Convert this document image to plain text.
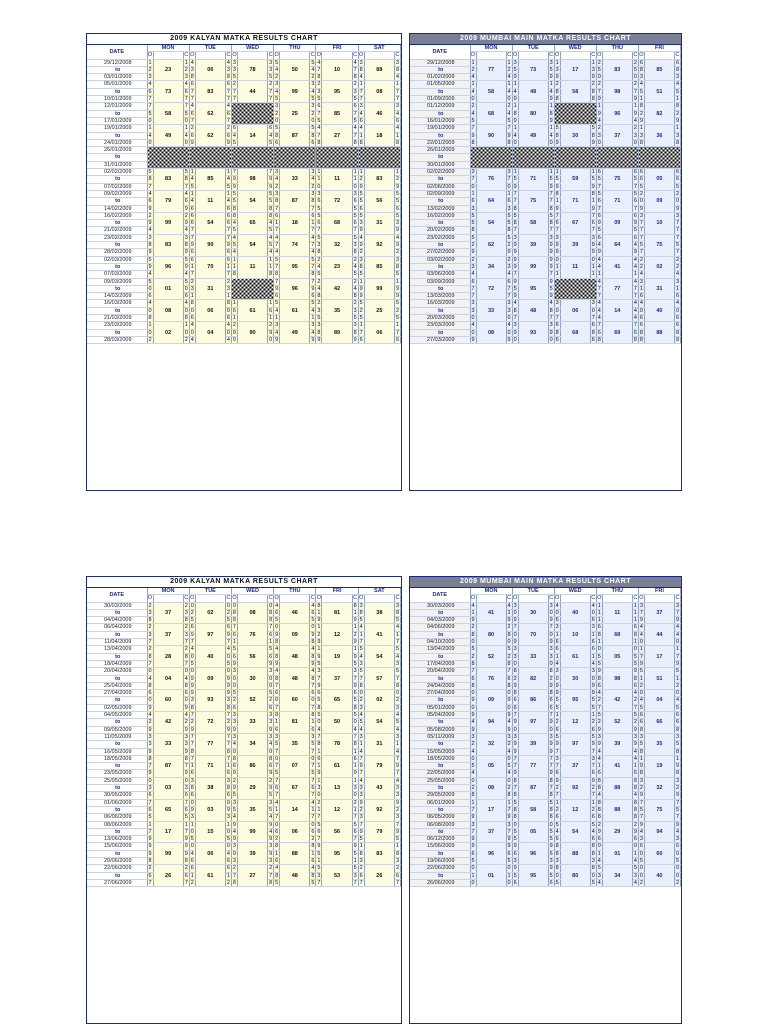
2009 KALYAN MATKA RESULTS CHART
DATE	MON			TUE			WED			THU			FRI			SAT		
	O		C	O		C	O		C	O		C	O		C	O		C
29/12/2008	1	23	1	4	06	4	3	78	3	5	50	5	4	10	4	3	88	3
to	2		2	3		3	3		3	4		4	7		7	8		8
03/01/2009	3		3	8		8	5		5	2		2	8		8	4		4
05/01/2009	4	73	4	6	83	6	2	44	2	3	99	3	2	95	2	1	08	1
to	6		6	7		7	7		7	4		4	3		3	7		7
10/01/2009	7		7	7		7	7		7	5		5	5		5	7		7
12/01/2009	7	58	7	4	62	4				3	25	3	6	85	6	3	46	3
to	5		5	6		6				2		2	7		7	4		4
17/01/2009	0		0	7		7				0		0	5		5	6		6
19/01/2009	1	49	1	2	62	2	6	14	6	5	87	5	4	27	4	4	18	4
to	4		4	6		6	4		4	8		8	7		7	1		1
24/01/2009	0		0	9		9	5		5	6		6	8		8	8		8
26/01/2009																		
to																		
31/01/2009																		
02/02/2009	5	83	5	1	85	1	7	98	7	3	33	3	1	11	1	1	83	1
to	8		8	4		4	9		9	4		4	1		1	2		2
07/02/2009	7		7	5		5	9		9	2		2	0		0	9		9
09/02/2009	4	79	4	1	11	1	5	54	5	3	87	3	3	72	3	5	56	5
to	6		6	4		4	5		5	8		8	6		6	5		5
14/02/2009	9		9	6		6	8		8	7		7	5		5	6		6
16/02/2009	2	99	2	6	54	6	8	65	8	6	18	6	5	68	5	5	31	5
to	9		9	6		6	4		4	1		1	6		6	3		3
21/02/2009	4		4	7		7	5		5	7		7	7		7	9		9
23/02/2009	3	83	3	7	90	7	4	54	4	4	74	4	5	32	5	4	92	4
to	8		8	9		9	5		5	7		7	3		3	9		9
28/02/2009	9		9	6		6	4		4	4		4	8		8	2		2
02/03/2009	5	96	5	6	70	6	1	11	1	5	95	5	2	23	2	3	85	3
to	9		9	1		1	1		1	7		7	4		4	8		8
07/03/2009	4		4	7		7	8		8	8		8	5		5	5		5
09/03/2009	5	01	5	2	31	2				7	96	7	2	42	2	1	99	1
to	0		0	3		3				9		9	4		4	9		9
14/03/2009	6		6	1		1				6		6	8		8	9		9
16/03/2009	4	08	4	8	06	8	1	61	1	5	61	5	2	35	2	5	25	5
to	0		0	0		0	6		6	4		4	3		3	2		2
21/03/2009	8		8	6		6	1		1	1		1	5		5	5		5
23/03/2009	1	02	1	4	04	4	2	90	2	3	49	3	3	89	3	1	06	1
to	0		0	0		0	9		9	4		4	8		8	7		7
28/03/2009	2		2	4		4	0		0	9		9	9		9	6		6
2009 MUMBAI MAIN MATKA RESULTS CHART
DATE	MON			TUE			WED			THU			FRI		
	O		C	O		C	O		C	O		C	O		C
29/12/2008	1	77	1	3	73	3	1	17	1	2	83	2	6	85	6
to	2		2	5		5	3		3	5		5	8		8
01/02/2009	4		4	9		9	9		9	0		0	3		3
01/05/2009	1	58	1	1	48	1	2	58	2	2	98	2	4	51	4
to	4		4	4		4	8		8	7		7	5		5
01/09/2009	0		0	9		9	8		8	9		9	1		1
01/12/2009	2	68	2	1	80	1				1	96	1	8	82	8
to	4		4	8		8				9		9	2		2
16/01/2009	5		5	9		9				4		4	9		9
19/01/2009	7	90	7	1	49	1	5	30	5	2	37	2	1	36	1
to	9		9	4		4	8		8	3		3	3		3
22/01/2009	8		8	0		0	9		9	0		0	8		8
26/01/2009															
to															
30/01/2009															
02/02/2009	3	76	3	1	71	1	1	59	1	6	75	6	6	05	6
to	7		7	5		5	5		5	5		5	6		6
02/06/2009	0		0	9		9	9		9	7		7	5		5
02/09/2009	1	64	1	7	75	7	8	71	8	5	71	5	2	09	2
to	6		6	7		7	1		1	6		6	0		0
13/02/2009	3		3	8		8	9		9	7		7	9		9
16/02/2009	5	54	5	5	58	5	7	67	7	6	09	6	3	10	3
to	5		5	8		8	6		6	9		9	7		7
20/02/2009	8		8	7		7	7		7	5		5	7		7
23/02/2009	5	62	5	3	39	3	3	39	3	6	64	6	7	75	7
to	2		2	9		9	9		9	4		4	5		5
27/02/2009	9		9	9		9	9		9	9		9	7		7
03/02/2009	2	34	2	9	99	9	0	11	0	4	41	4	2	02	2
to	3		3	9		9	1		1	4		4	2		2
03/06/2009	4		4	7		7	1		1	1		1	4		4
03/09/2009	6	72	6	9	95	9				4	77	4	3	31	3
to	7		7	5		5				7		7	1		1
13/03/2009	7		7	9		9				7		7	6		6
16/03/2009	3	33	3	4	48	4	3	06	3	4	14	4	4	40	4
to	3		3	8		8	0		0	4		4	0		0
20/03/2009	0		0	7		7	7		7	4		4	6		6
23/03/2009	4	08	4	3	93	3	6	68	6	7	69	7	6	88	6
to	0		0	9		9	8		8	6		6	8		8
27/03/2009	9		9	0		0	6		6	8		8	8		8
2009 KALYAN MATKA RESULTS CHART
DATE	MON			TUE			WED			THU			FRI			SAT		
	O		C	O		C	O		C	O		C	O		C	O		C
30/03/2009	2	37	2	0	02	0	0	08	0	4	46	4	8	81	8	3	38	3
to	3		3	2		2	8		8	6		6	1		1	8		8
04/04/2009	8		8	5		5	8		8	5		5	9		9	5		5
06/04/2009	2	37	2	6	97	6	7	76	7	0	09	0	1	12	1	4	41	4
to	3		3	9		9	6		6	9		9	2		2	1		1
11/04/2009	7		7	7		7	1		1	8		8	9		9	7		7
13/04/2009	2	28	2	4	40	4	5	56	5	4	48	4	1	19	1	5	54	5
to	8		8	0		0	6		6	8		8	9		9	4		4
18/04/2009	7		7	5		5	9		9	9		9	5		5	3		3
20/04/2009	0	04	0	0	09	0	3	30	3	4	48	4	3	37	3	5	57	5
to	4		4	9		9	0		0	8		8	7		7	7		7
25/04/2009	8		8	9		9	0		0	7		7	9		9	8		8
27/04/2009	6	60	6	9	93	9	5	52	5	6	60	6	6	65	6	0	02	0
to	0		0	3		3	2		2	0		0	5		5	2		2
02/05/2009	9		9	8		8	6		6	7		7	8		8	3		3
04/05/2009	4	42	4	7	72	7	3	33	3	8	81	8	5	50	5	4	54	4
to	2		2	2		2	3		3	1		1	0		0	5		5
09/05/2009	9		9	9		9	9		9	6		6	4		4	4		4
11/05/2009	3	33	3	7	77	7	3	34	3	3	35	3	7	78	7	3	31	3
to	3		3	7		7	4		4	5		5	8		8	1		1
16/05/2009	9		9	8		8	0		0	7		7	1		1	4		4
18/05/2009	8	87	8	7	71	7	8	86	8	0	07	0	6	61	6	7	79	7
to	7		7	1		1	6		6	7		7	1		1	9		9
23/05/2009	9		9	6		6	9		9	5		5	9		9	7		7
25/05/2009	0	03	0	3	38	3	2	29	2	7	67	7	1	13	1	4	43	4
to	3		3	8		8	9		9	6		6	3		3	3		3
30/05/2009	6		6	6		6	5		5	7		7	0		0	3		3
01/06/2009	7	65	7	0	03	0	3	35	3	4	14	4	2	12	2	9	92	9
to	6		6	9		9	5		5	1		1	1		1	2		2
06/06/2009	5		5	3		3	4		4	7		7	7		7	3		3
08/06/2009	1	17	1	1	15	1	9	99	9	0	06	0	5	56	5	7	79	7
to	7		7	0		0	4		4	6		6	6		6	9		9
13/06/2009	9		9	5		5	9		9	2		2	7		7	5		5
15/06/2009	9	99	9	0	06	0	3	39	3	8	88	8	9	95	9	1	83	1
to	9		9	4		4	9		9	1		1	5		5	8		8
20/06/2009	8		8	6		6	3		3	6		6	1		1	3		3
22/06/2009	2	26	2	6	61	6	2	27	2	4	48	4	5	53	5	2	26	2
to	6		6	1		1	7		7	8		8	3		3	6		6
27/06/2009	7		7	2		2	8		8	5		5	7		7	7		7
2009 MUMBAI MAIN MATKA RESULTS CHART
DATE	MON			TUE			WED			THU			FRI		
	O		C	O		C	O		C	O		C	O		C
30/03/2009	4	41	4	3	30	3	4	40	4	1	11	1	3	37	3
to	1		1	0		0	0		0	1		1	7		7
04/03/2009	9		9	9		9	6		6	1		1	9		9
04/06/2009	2	80	2	7	70	7	3	10	3	6	68	6	4	44	4
to	8		8	0		0	1		1	8		8	4		4
04/10/2009	0		0	9		9	6		6	1		1	0		0
13/04/2009	5	52	5	3	33	3	6	61	6	0	05	0	1	17	1
to	2		2	3		3	1		1	5		5	7		7
17/04/2009	8		8	0		0	4		4	5		5	9		9
20/04/2009	7	76	7	8	82	8	3	30	3	9	98	9	5	51	5
to	6		6	2		2	0		0	8		8	1		1
24/04/2009	8		8	9		9	9		9	6		6	2		2
27/04/2009	0	09	0	8	86	8	9	95	9	4	42	4	0	04	0
to	9		9	6		6	5		5	2		2	4		4
05/01/2009	0		0	6		6	5		5	7		7	5		5
05/04/2009	9	94	9	7	97	7	1	12	1	5	52	5	6	66	6
to	4		4	9		9	2		2	2		2	6		6
05/08/2009	9		9	0		0	6		6	9		9	8		8
05/11/2009	3	32	3	3	39	3	5	97	5	3	39	3	3	35	3
to	2		2	9		9	9		9	9		9	5		5
15/05/2009	4		4	9		9	7		7	4		4	8		8
18/05/2009	0	05	0	7	77	7	3	37	3	4	41	4	1	19	1
to	5		5	7		7	7		7	1		1	9		9
22/05/2009	4		4	9		9	6		6	6		6	8		8
25/05/2009	0	08	0	8	87	8	9	92	9	8	88	8	3	32	3
to	2		2	7		7	2		2	8		8	2		2
29/05/2009	8		8	8		8	7		7	4		4	9		9
06/01/2009	1	17	1	5	58	5	1	12	1	8	88	8	7	75	7
to	7		7	8		8	2		2	8		8	5		5
06/05/2009	9		9	8		8	6		6	8		8	7		7
06/08/2009	3	37	3	0	05	0	5	54	5	2	29	2	9	94	9
to	7		7	5		5	4		4	9		9	4		4
06/12/2009	9		9	5		5	6		6	6		6	3		3
15/06/2009	9	96	9	9	96	9	8	88	8	0	01	0	6	60	6
to	6		6	6		6	8		8	1		1	0		0
19/06/2009	5		5	3		3	3		3	4		4	5		5
22/06/2009	0	01	0	9	95	9	8	80	8	5	34	5	0	40	0
to	1		1	5		5	0		0	3		3	0		0
26/06/2009	0		0	6		6	5		5	4		4	2		2
